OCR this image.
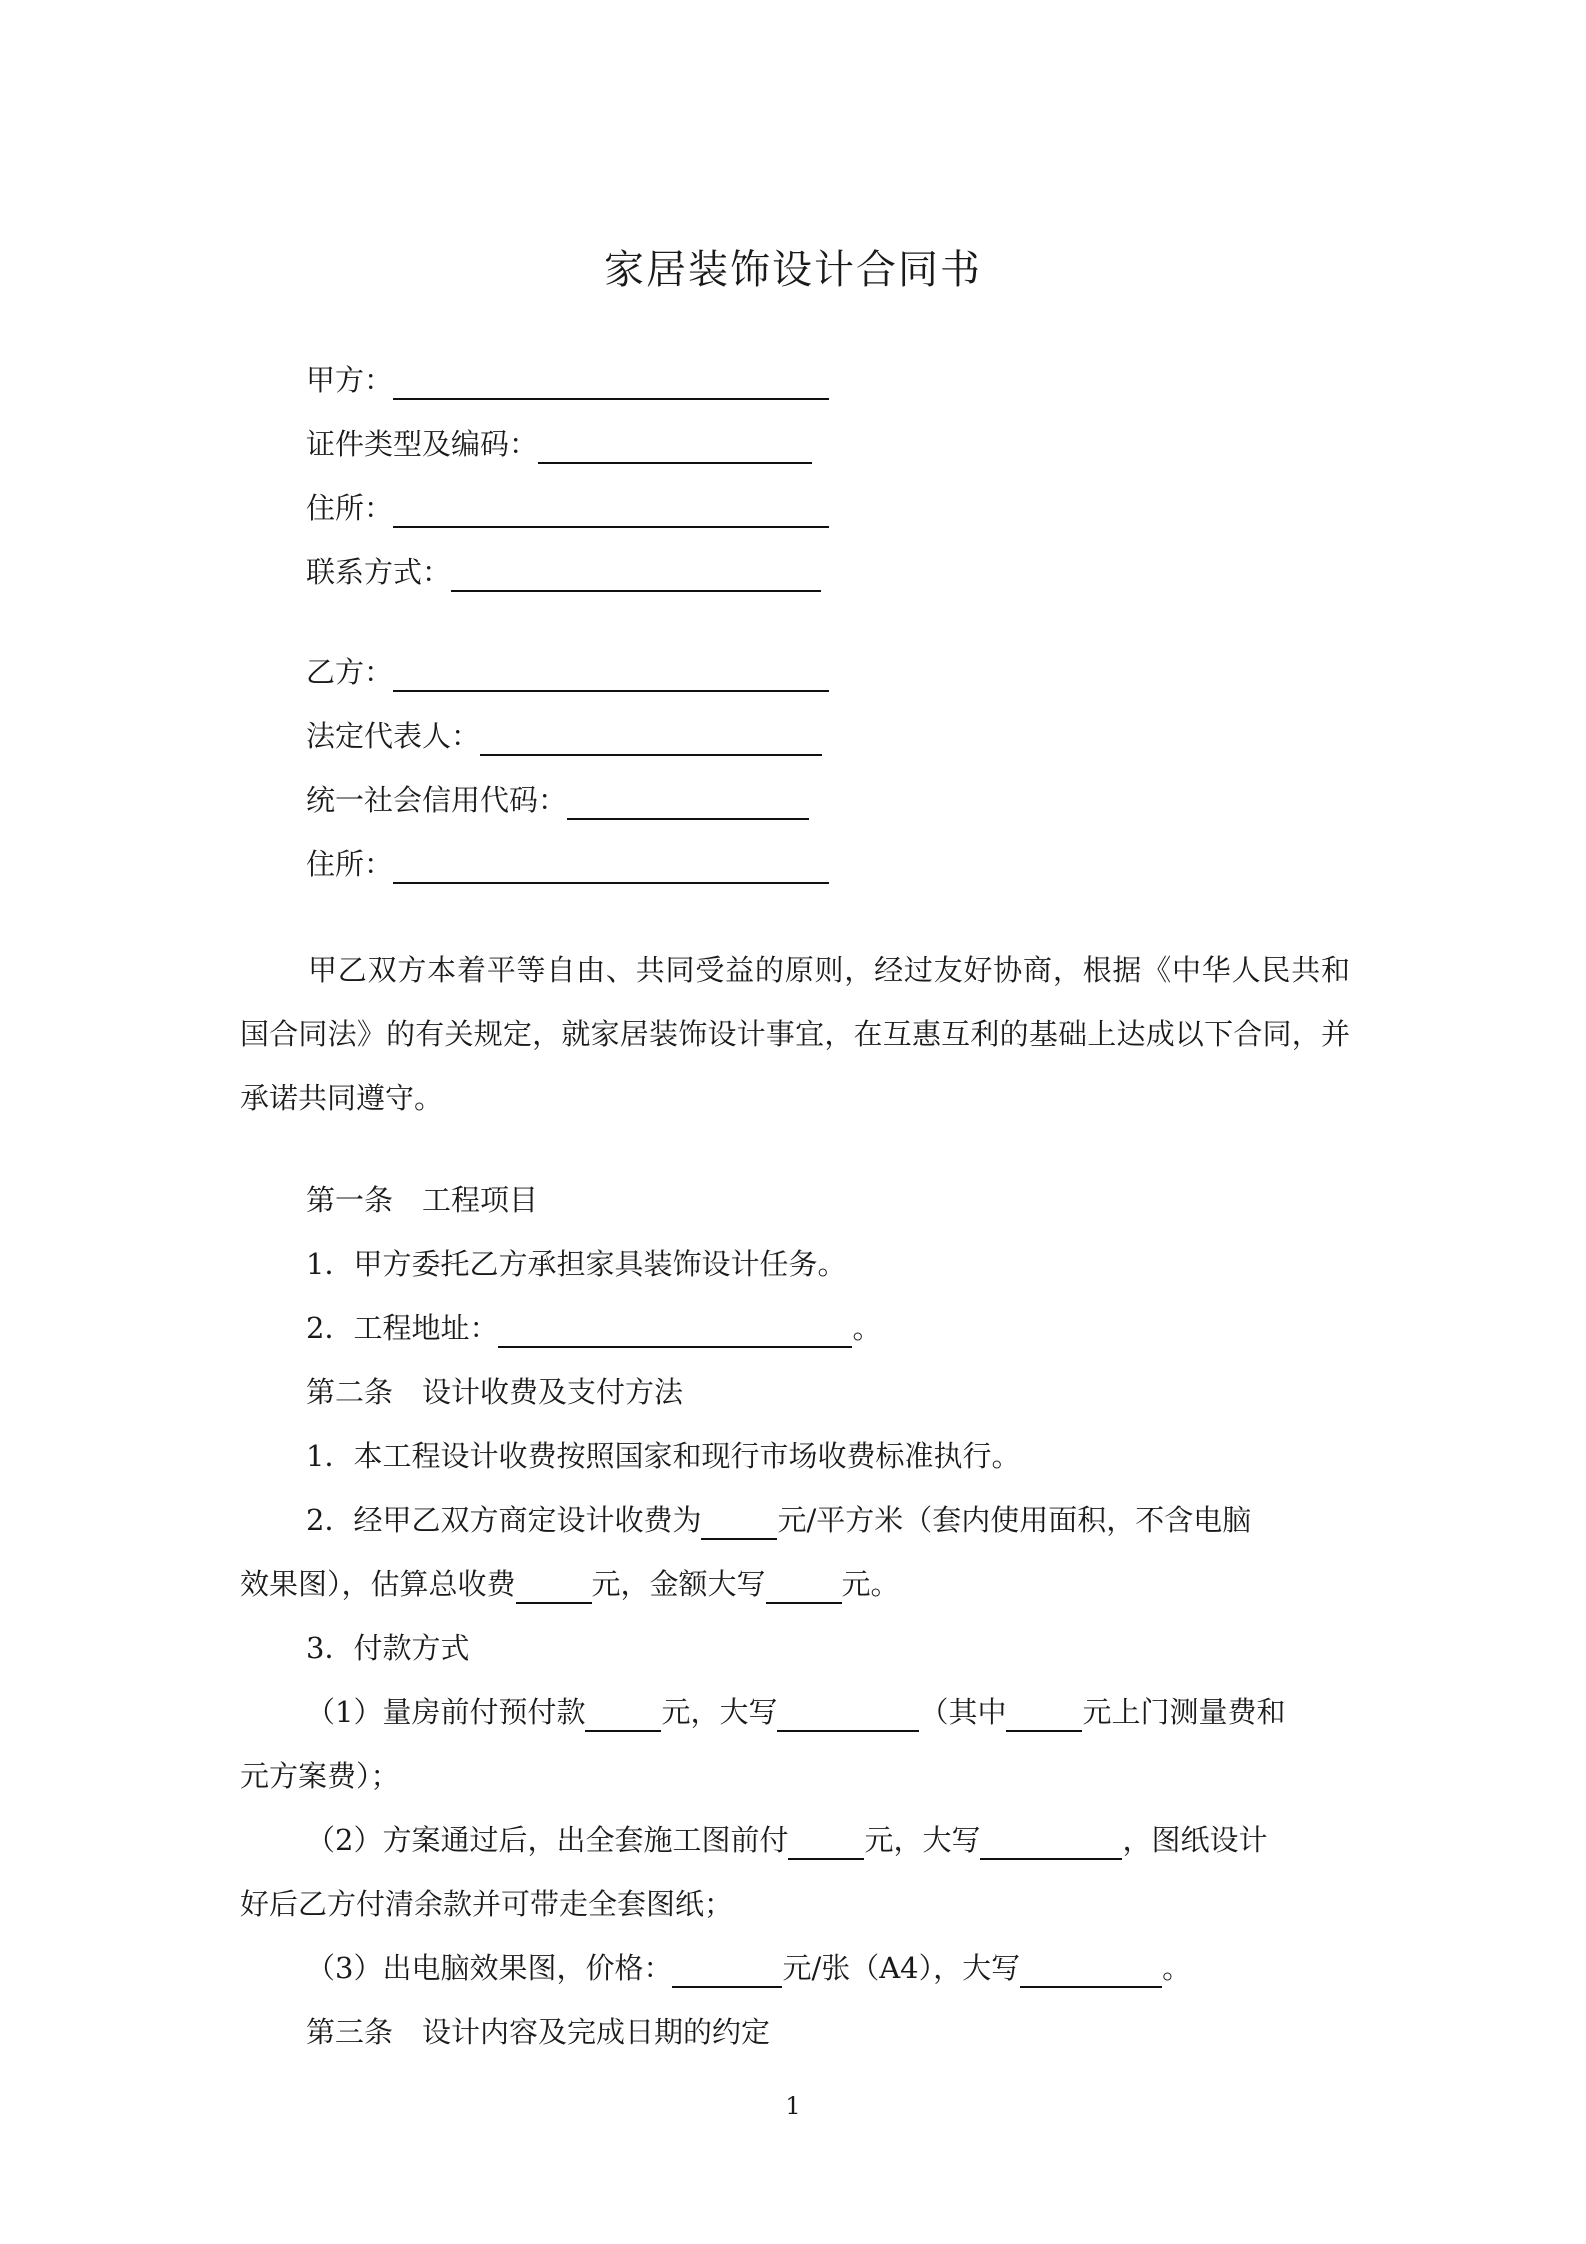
家居装饰设计合同书
甲方：
证件类型及编码：
住所：
联系方式：
乙方：
法定代表人：
统一社会信用代码：
住所：
甲乙双方本着平等自由、共同受益的原则，经过友好协商，根据《中华人民共和国合同法》的有关规定，就家居装饰设计事宜，在互惠互利的基础上达成以下合同，并承诺共同遵守。
第一条　工程项目
1．甲方委托乙方承担家具装饰设计任务。
2．工程地址：	。
第二条　设计收费及支付方法
1．本工程设计收费按照国家和现行市场收费标准执行。
2．经甲乙双方商定设计收费为	元/平方米（套内使用面积，不含电脑
效果图），估算总收费	元，金额大写	元。
3．付款方式
（1）量房前付预付款	元，大写	（其中	元上门测量费和
元方案费）；
（2）方案通过后，出全套施工图前付	元，大写	，图纸设计
好后乙方付清余款并可带走全套图纸；
（3）出电脑效果图，价格：	元/张（A4），大写	。
第三条　设计内容及完成日期的约定
1
